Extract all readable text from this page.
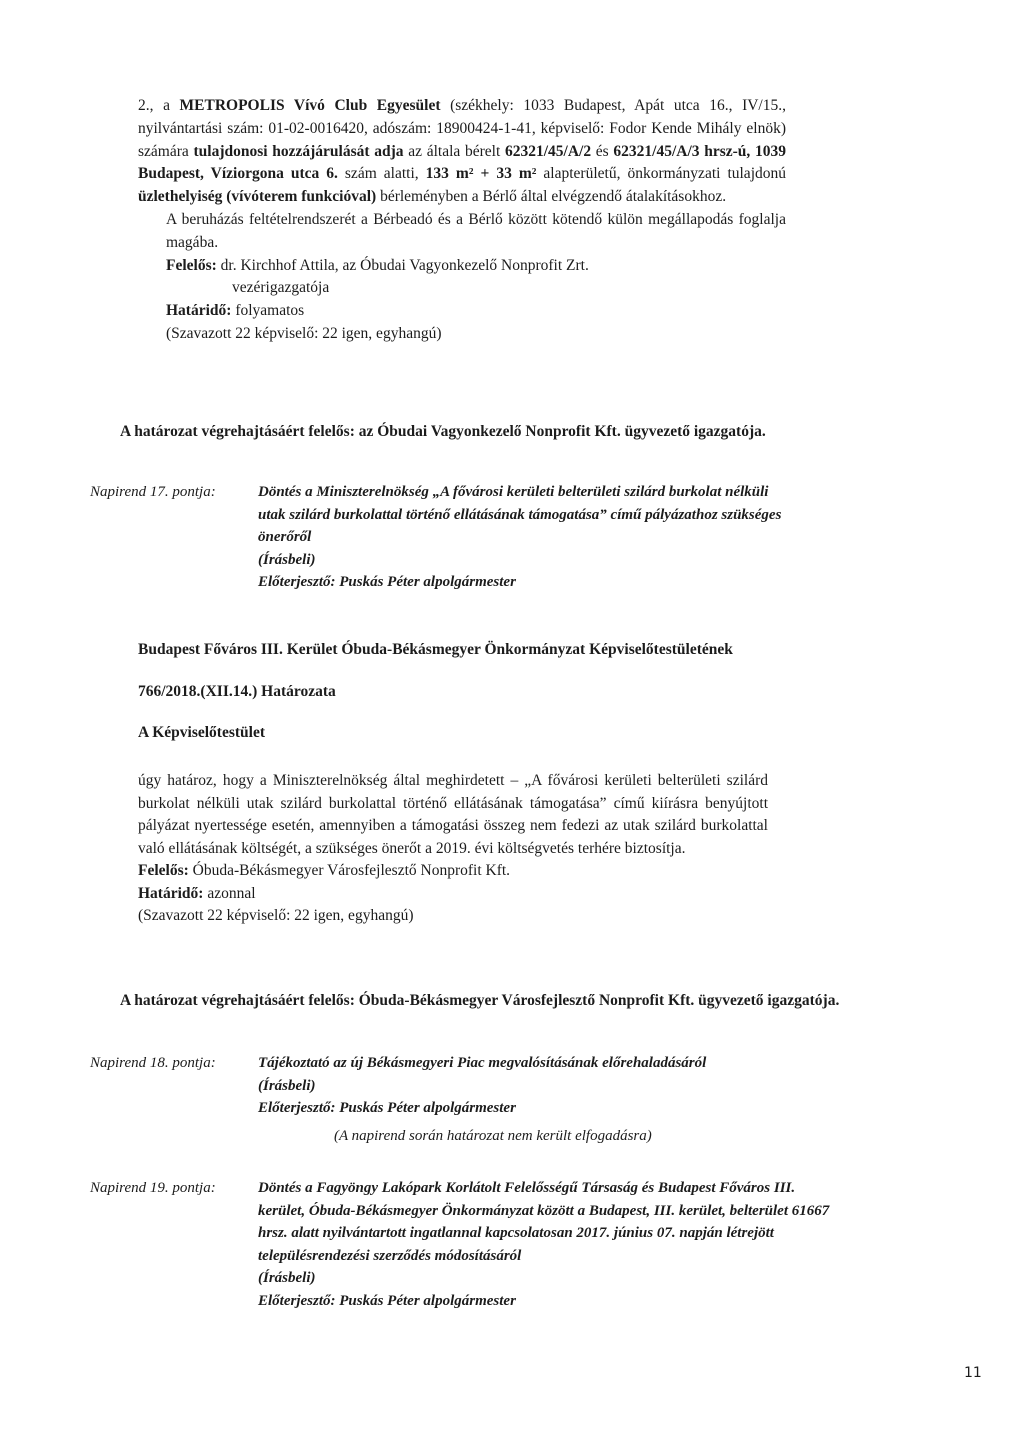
2., a METROPOLIS Vívó Club Egyesület (székhely: 1033 Budapest, Apát utca 16., IV/15., nyilvántartási szám: 01-02-0016420, adószám: 18900424-1-41, képviselő: Fodor Kende Mihály elnök) számára tulajdonosi hozzájárulását adja az általa bérelt 62321/45/A/2 és 62321/45/A/3 hrsz-ú, 1039 Budapest, Víziorgona utca 6. szám alatti, 133 m² + 33 m² alapterületű, önkormányzati tulajdonú üzlethelyiség (vívóterem funkcióval) bérleményben a Bérlő által elvégzendő átalakításokhoz.

A beruházás feltételrendszerét a Bérbeadó és a Bérlő között kötendő külön megállapodás foglalja magába.

Felelős: dr. Kirchhof Attila, az Óbudai Vagyonkezelő Nonprofit Zrt.

vezérigazgatója

Határidő: folyamatos

(Szavazott 22 képviselő: 22 igen, egyhangú)

A határozat végrehajtásáért felelős: az Óbudai Vagyonkezelő Nonprofit Kft. ügyvezető igazgatója.

Napirend 17. pontja:	Döntés a Miniszterelnökség „A fővárosi kerületi belterületi szilárd burkolat nélküli
utak szilárd burkolattal történő ellátásának támogatása” című pályázathoz szükséges
önerőről
(Írásbeli)
Előterjesztő: Puskás Péter alpolgármester

Budapest Főváros III. Kerület Óbuda-Békásmegyer Önkormányzat Képviselőtestületének

766/2018.(XII.14.) Határozata

A Képviselőtestület

úgy határoz, hogy a Miniszterelnökség által meghirdetett – „A fővárosi kerületi belterületi szilárd burkolat nélküli utak szilárd burkolattal történő ellátásának támogatása” című kiírásra benyújtott pályázat nyertessége esetén, amennyiben a támogatási összeg nem fedezi az utak szilárd burkolattal való ellátásának költségét, a szükséges önerőt a 2019. évi költségvetés terhére biztosítja.

Felelős: Óbuda-Békásmegyer Városfejlesztő Nonprofit Kft.

Határidő: azonnal

(Szavazott 22 képviselő: 22 igen, egyhangú)

A határozat végrehajtásáért felelős: Óbuda-Békásmegyer Városfejlesztő Nonprofit Kft. ügyvezető igazgatója.

Napirend 18. pontja:	Tájékoztató az új Békásmegyeri Piac megvalósításának előrehaladásáról
(Írásbeli)
Előterjesztő: Puskás Péter alpolgármester

(A napirend során határozat nem került elfogadásra)

Napirend 19. pontja:	Döntés a Fagyöngy Lakópark Korlátolt Felelősségű Társaság és Budapest Főváros III.
kerület, Óbuda-Békásmegyer Önkormányzat között a Budapest, III. kerület, belterület 61667
hrsz. alatt nyilvántartott ingatlannal kapcsolatosan 2017. június 07. napján létrejött
településrendezési szerződés módosításáról
(Írásbeli)
Előterjesztő: Puskás Péter alpolgármester
11
